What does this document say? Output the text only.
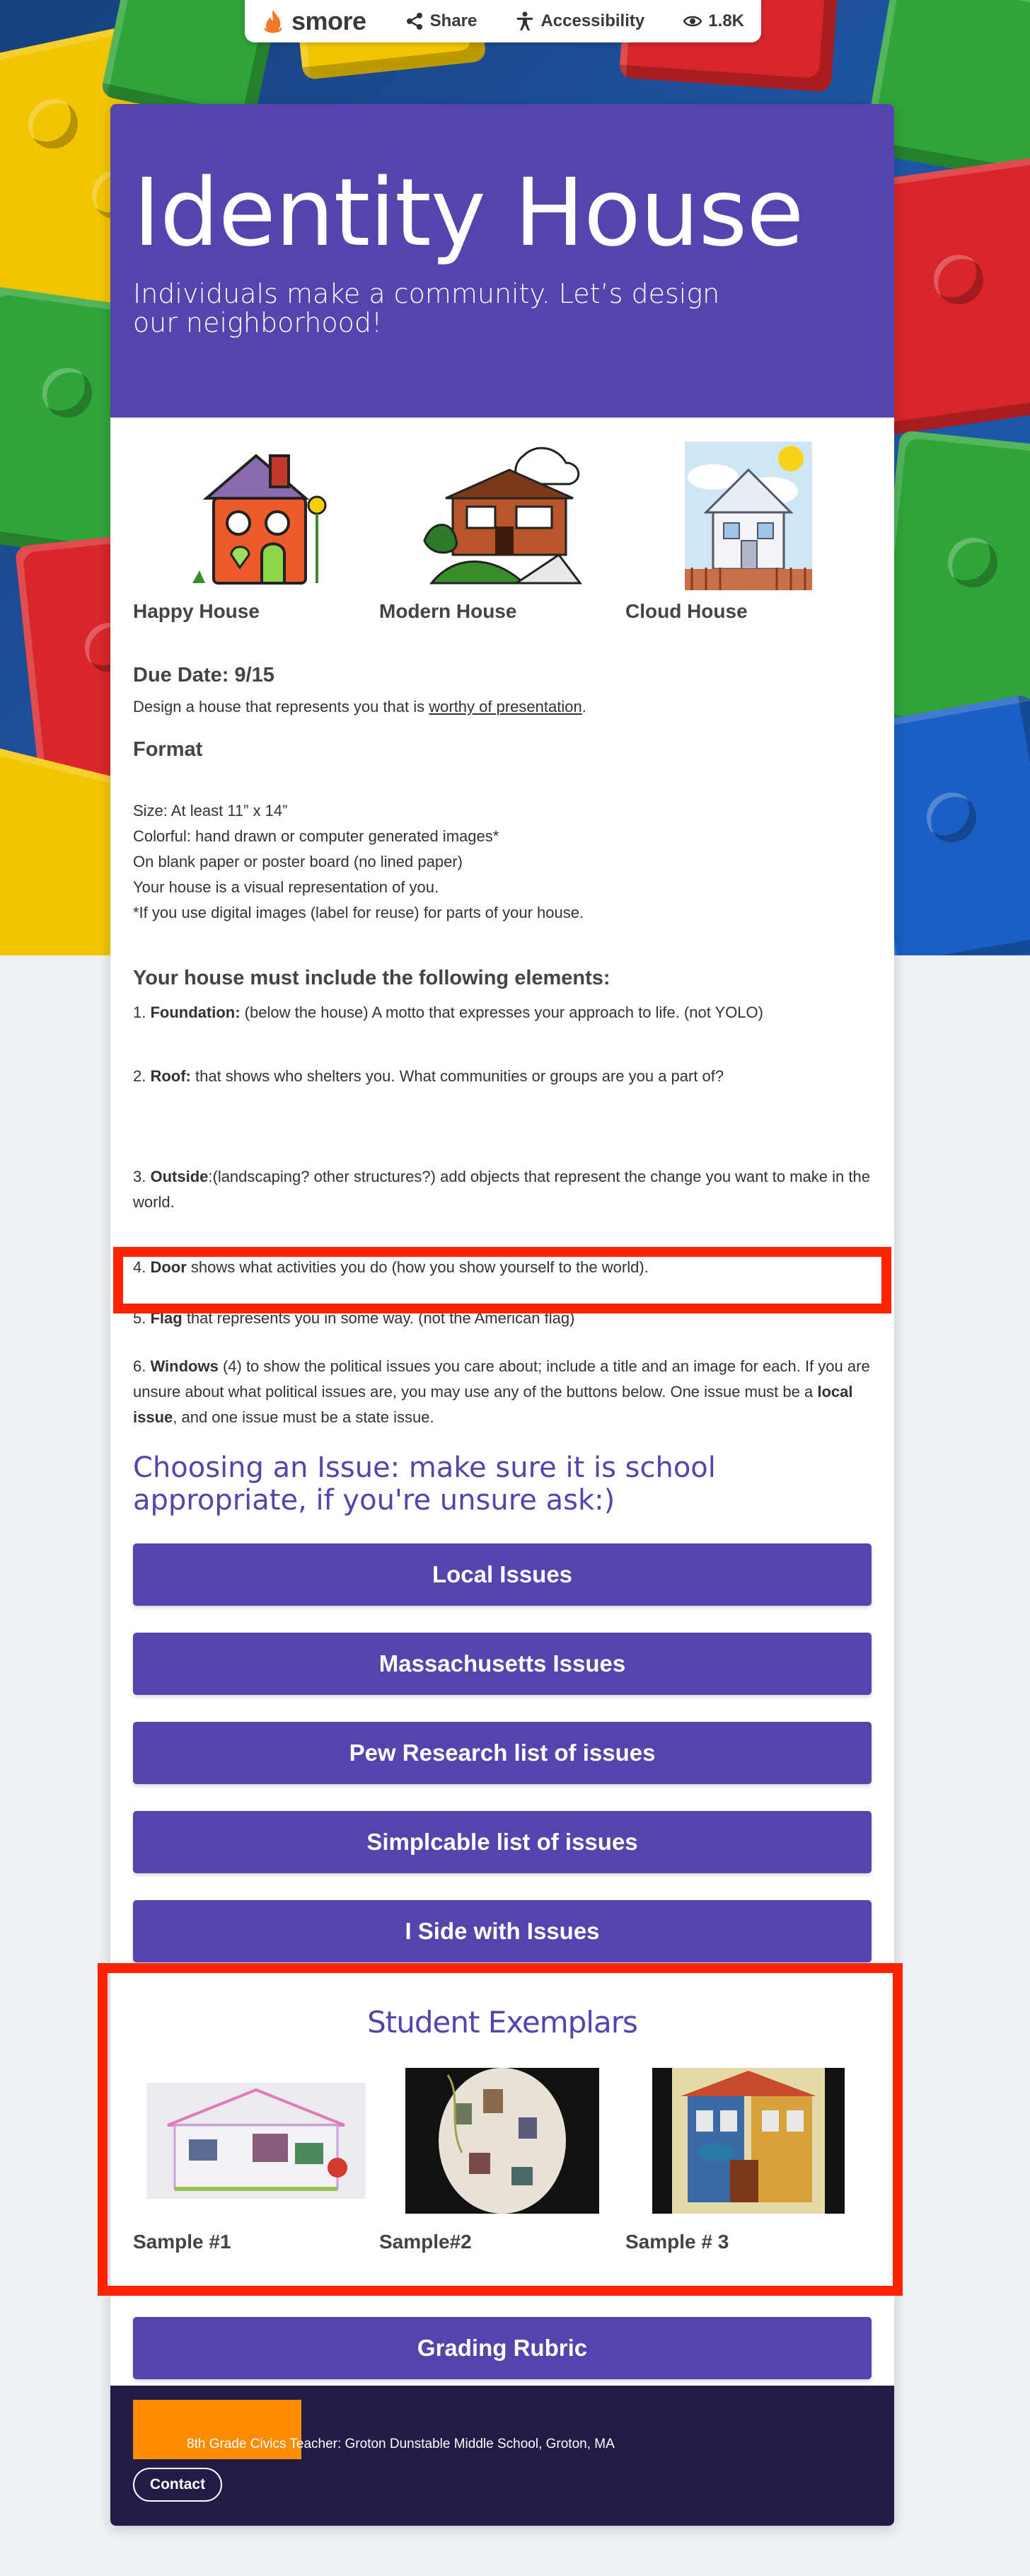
smore	Share	Accessibility	1.8K
Identity House
Individuals make a community. Let’s design our neighborhood!
Happy House	Modern House	Cloud House
Due Date: 9/15
Design a house that represents you that is worthy of presentation.
Format
Size: At least 11” x 14”
Colorful: hand drawn or computer generated images*
On blank paper or poster board (no lined paper)
Your house is a visual representation of you.
*If you use digital images (label for reuse) for parts of your house.
Your house must include the following elements:
1. Foundation: (below the house) A motto that expresses your approach to life. (not YOLO)
2. Roof: that shows who shelters you. What communities or groups are you a part of?
3. Outside:(landscaping? other structures?) add objects that represent the change you want to make in the world.
4. Door shows what activities you do (how you show yourself to the world).
5. Flag that represents you in some way. (not the American flag)
6. Windows (4) to show the political issues you care about; include a title and an image for each. If you are unsure about what political issues are, you may use any of the buttons below. One issue must be a local issue, and one issue must be a state issue.
Choosing an Issue: make sure it is school appropriate, if you're unsure ask:)
Local Issues
Massachusetts Issues
Pew Research list of issues
Simplcable list of issues
I Side with Issues
Student Exemplars
Sample #1	Sample#2	Sample # 3
Grading Rubric
8th Grade Civics Teacher: Groton Dunstable Middle School, Groton, MA
Contact
